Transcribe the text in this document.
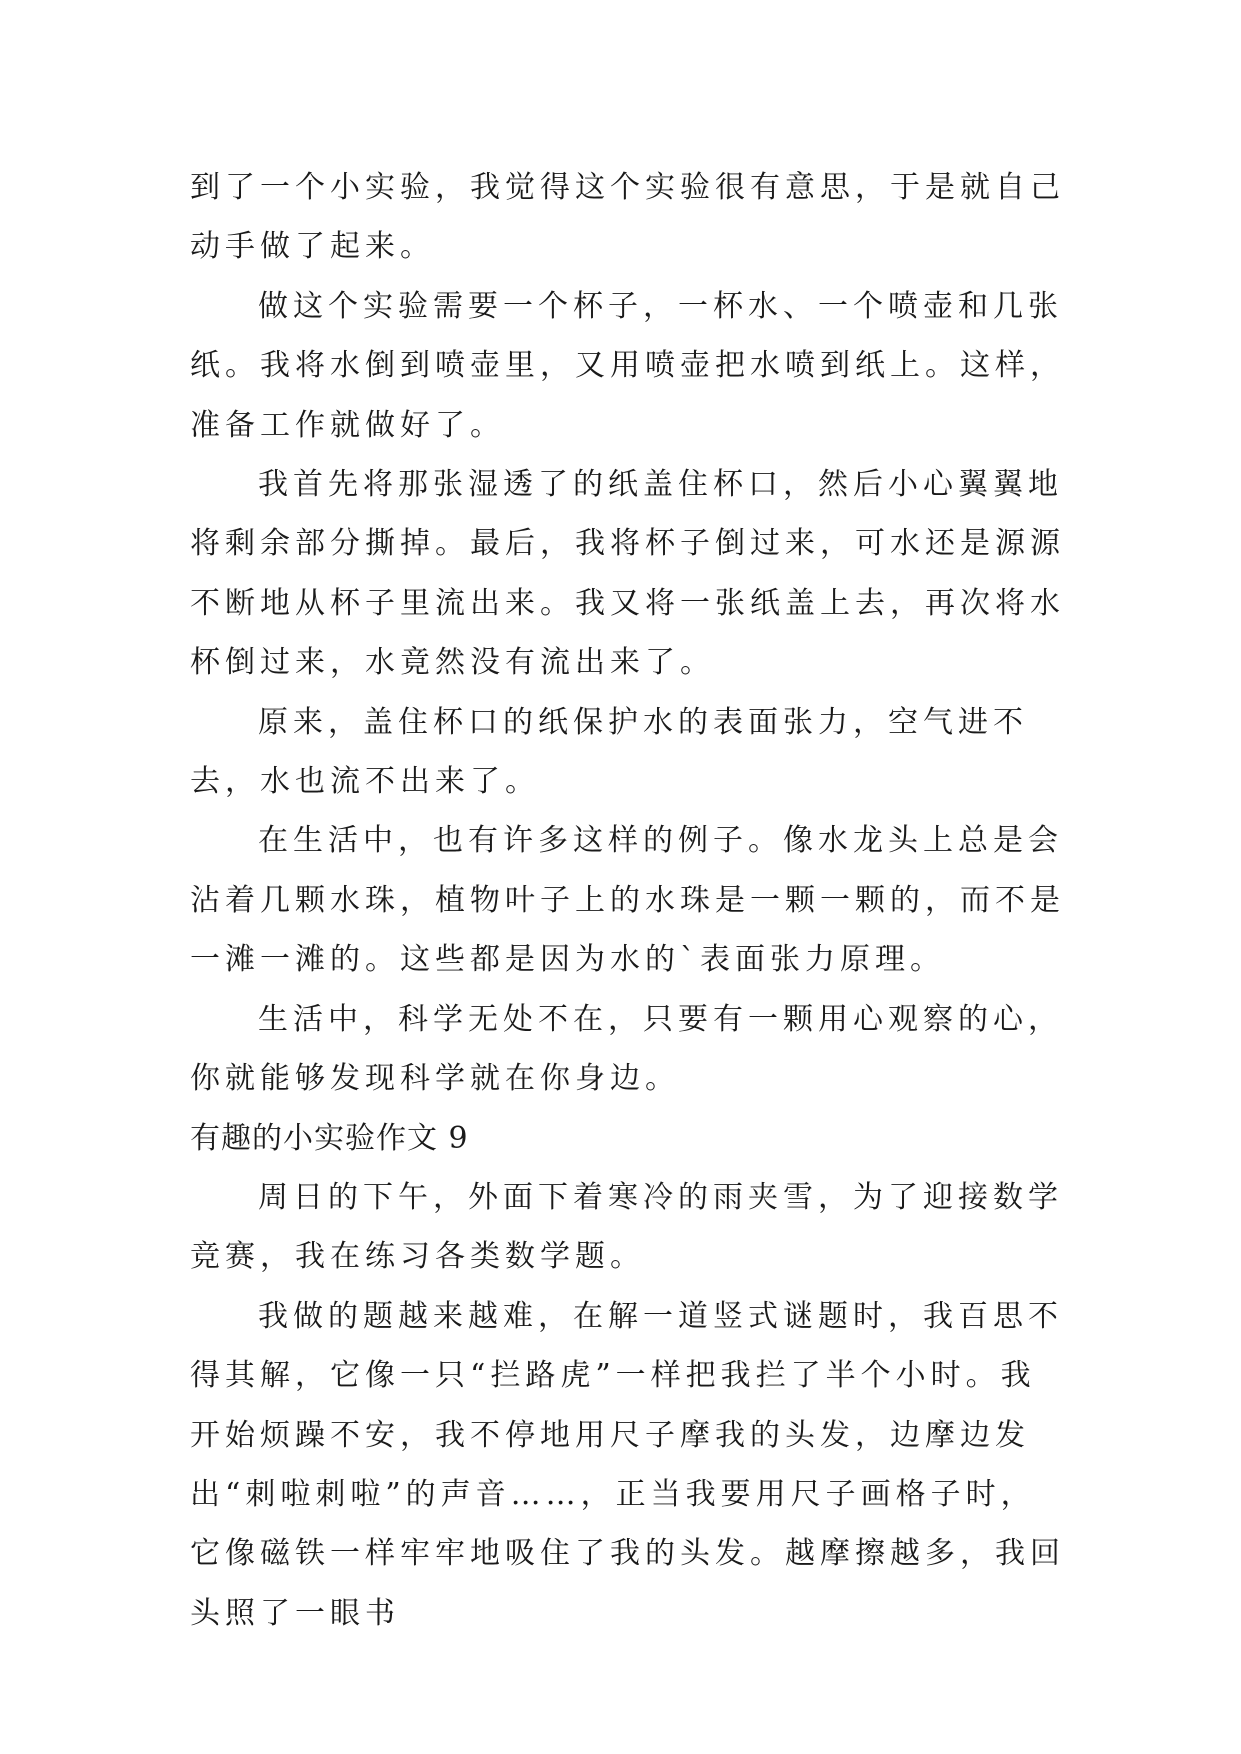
到了一个小实验，我觉得这个实验很有意思，于是就自己动手做了起来。

做这个实验需要一个杯子，一杯水、一个喷壶和几张纸。我将水倒到喷壶里，又用喷壶把水喷到纸上。这样，准备工作就做好了。

我首先将那张湿透了的纸盖住杯口，然后小心翼翼地将剩余部分撕掉。最后，我将杯子倒过来，可水还是源源不断地从杯子里流出来。我又将一张纸盖上去，再次将水杯倒过来，水竟然没有流出来了。

原来，盖住杯口的纸保护水的表面张力，空气进不去，水也流不出来了。

在生活中，也有许多这样的例子。像水龙头上总是会沾着几颗水珠，植物叶子上的水珠是一颗一颗的，而不是一滩一滩的。这些都是因为水的`表面张力原理。

生活中，科学无处不在，只要有一颗用心观察的心，你就能够发现科学就在你身边。

有趣的小实验作文 9

周日的下午，外面下着寒冷的雨夹雪，为了迎接数学竞赛，我在练习各类数学题。

我做的题越来越难，在解一道竖式谜题时，我百思不得其解，它像一只“拦路虎”一样把我拦了半个小时。我开始烦躁不安，我不停地用尺子摩我的头发，边摩边发出“刺啦刺啦”的声音……，正当我要用尺子画格子时，它像磁铁一样牢牢地吸住了我的头发。越摩擦越多，我回头照了一眼书
